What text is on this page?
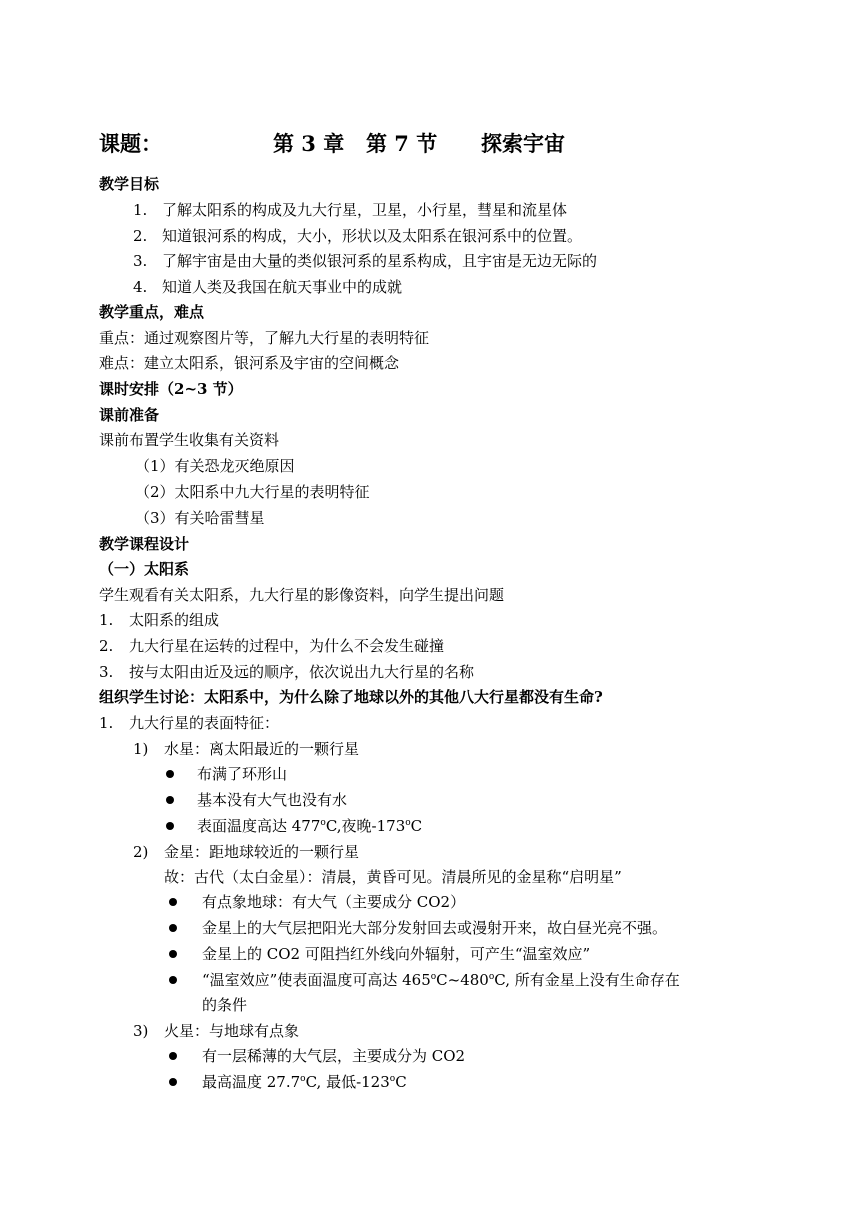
课题：	第 3 章 第 7 节 探索宇宙
教学目标
1. 了解太阳系的构成及九大行星，卫星，小行星，彗星和流星体
2. 知道银河系的构成，大小，形状以及太阳系在银河系中的位置。
3. 了解宇宙是由大量的类似银河系的星系构成，且宇宙是无边无际的
4. 知道人类及我国在航天事业中的成就
教学重点，难点
重点：通过观察图片等，了解九大行星的表明特征
难点：建立太阳系，银河系及宇宙的空间概念
课时安排（2~3 节）
课前准备
课前布置学生收集有关资料
（1）有关恐龙灭绝原因
（2）太阳系中九大行星的表明特征
（3）有关哈雷彗星
教学课程设计
（一）太阳系
学生观看有关太阳系，九大行星的影像资料，向学生提出问题
1. 太阳系的组成
2. 九大行星在运转的过程中，为什么不会发生碰撞
3. 按与太阳由近及远的顺序，依次说出九大行星的名称
组织学生讨论：太阳系中，为什么除了地球以外的其他八大行星都没有生命?
1. 九大行星的表面特征：
1) 水星：离太阳最近的一颗行星
布满了环形山
基本没有大气也没有水
表面温度高达 477$^o$C,夜晚-173$^o$C
2) 金星：距地球较近的一颗行星
故：古代（太白金星）：清晨，黄昏可见。清晨所见的金星称“启明星”
有点象地球：有大气（主要成分 CO2）
金星上的大气层把阳光大部分发射回去或漫射开来，故白昼光亮不强。
金星上的 CO2 可阻挡红外线向外辐射，可产生“温室效应”
“温室效应”使表面温度可高达 465$^o$C~480$^o$C, 所有金星上没有生命存在
的条件
3) 火星：与地球有点象
有一层稀薄的大气层，主要成分为 CO2
最高温度 27.7$^o$C, 最低-123$^o$C
